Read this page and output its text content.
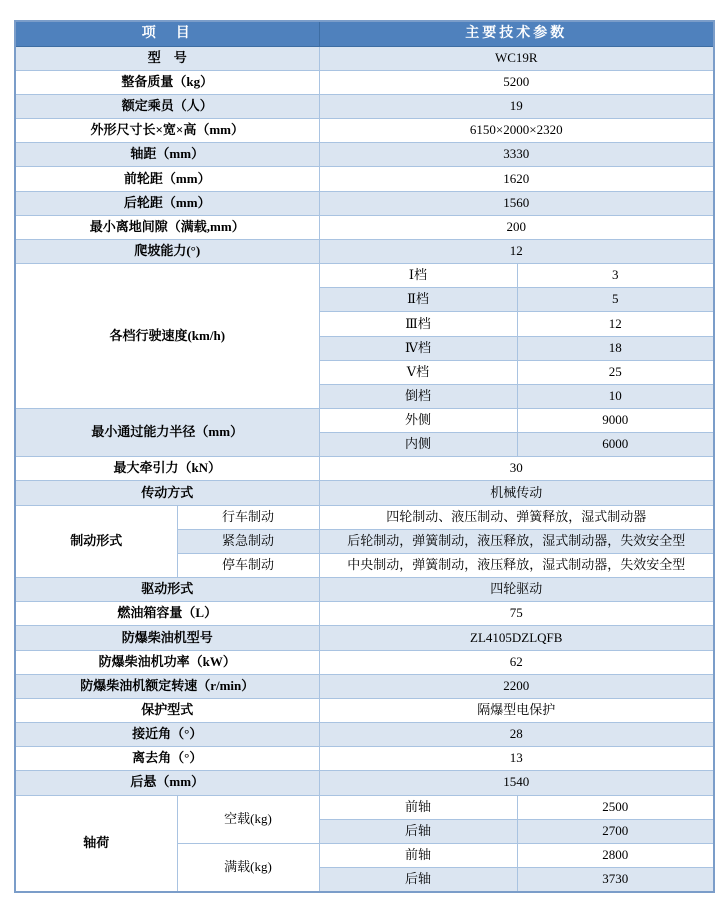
项　目		主要技术参数	
型　号		WC19R	
整备质量（kg）		5200	
额定乘员（人）		19	
外形尺寸长×宽×高（mm）		6150×2000×2320	
轴距（mm）		3330	
前轮距（mm）		1620	
后轮距（mm）		1560	
最小离地间隙（满载,mm）		200	
爬坡能力(°)		12	
各档行驶速度(km/h)		Ⅰ档	3
		Ⅱ档	5
		Ⅲ档	12
		Ⅳ档	18
		Ⅴ档	25
		倒档	10
最小通过能力半径（mm）		外侧	9000
		内侧	6000
最大牵引力（kN）		30	
传动方式		机械传动	
制动形式	行车制动	四轮制动、液压制动、弹簧释放，湿式制动器	
	紧急制动	后轮制动，弹簧制动，液压释放，湿式制动器，失效安全型	
	停车制动	中央制动，弹簧制动，液压释放，湿式制动器，失效安全型	
驱动形式		四轮驱动	
燃油箱容量（L）		75	
防爆柴油机型号		ZL4105DZLQFB	
防爆柴油机功率（kW）		62	
防爆柴油机额定转速（r/min）		2200	
保护型式		隔爆型电保护	
接近角（°）		28	
离去角（°）		13	
后悬（mm）		1540	
轴荷	空载(kg)	前轴	2500
		后轴	2700
	满载(kg)	前轴	2800
		后轴	3730
